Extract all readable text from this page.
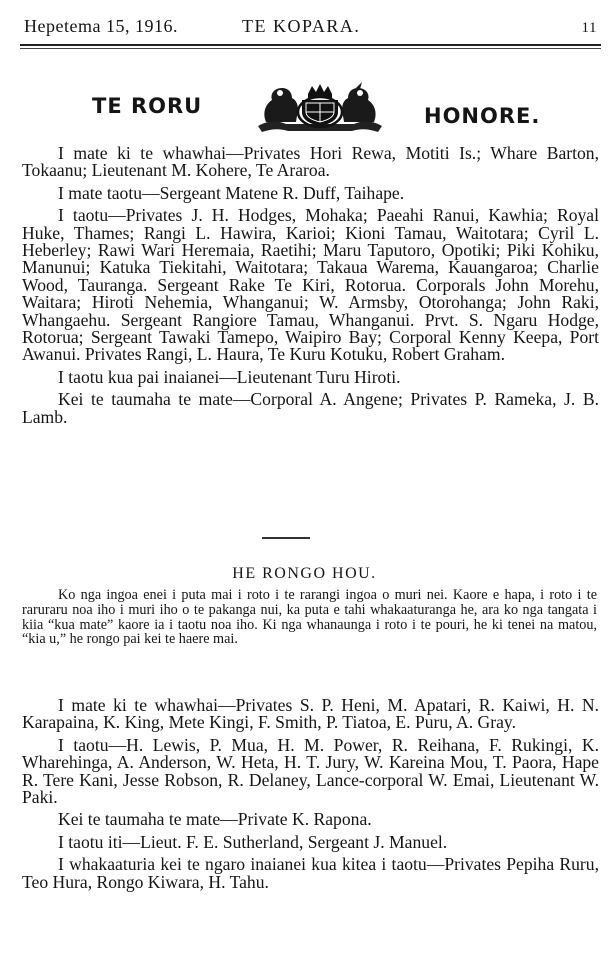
Hepetema 15, 1916.	TE KOPARA.	11
TE RORU	HONORE.

I mate ki te whawhai—Privates Hori Rewa, Motiti Is.; Whare Barton, Tokaanu; Lieutenant M. Kohere, Te Araroa.

I mate taotu—Sergeant Matene R. Duff, Taihape.

I taotu—Privates J. H. Hodges, Mohaka; Paeahi Ranui, Kawhia; Royal Huke, Thames; Rangi L. Hawira, Karioi; Kioni Tamau, Waitotara; Cyril L. Heberley; Rawi Wari Heremaia, Raetihi; Maru Taputoro, Opotiki; Piki Kohiku, Manunui; Katuka Tiekitahi, Waitotara; Takaua Warema, Kauangaroa; Charlie Wood, Tauranga. Sergeant Rake Te Kiri, Rotorua. Corporals John Morehu, Waitara; Hiroti Nehemia, Whanganui; W. Armsby, Otorohanga; John Raki, Whangaehu. Sergeant Rangiore Tamau, Whanganui. Prvt. S. Ngaru Hodge, Rotorua; Sergeant Tawaki Tamepo, Waipiro Bay; Corporal Kenny Keepa, Port Awanui. Privates Rangi, L. Haura, Te Kuru Kotuku, Robert Graham.

I taotu kua pai inaianei—Lieutenant Turu Hiroti.

Kei te taumaha te mate—Corporal A. Angene; Privates P. Rameka, J. B. Lamb.

HE RONGO HOU.

Ko nga ingoa enei i puta mai i roto i te rarangi ingoa o muri nei. Kaore e hapa, i roto i te raruraru noa iho i muri iho o te pakanga nui, ka puta e tahi whakaaturanga he, ara ko nga tangata i kiia “kua mate” kaore ia i taotu noa iho. Ki nga whanaunga i roto i te pouri, he ki tenei na matou, “kia u,” he rongo pai kei te haere mai.

I mate ki te whawhai—Privates S. P. Heni, M. Apatari, R. Kaiwi, H. N. Karapaina, K. King, Mete Kingi, F. Smith, P. Tiatoa, E. Puru, A. Gray.

I taotu—H. Lewis, P. Mua, H. M. Power, R. Reihana, F. Rukingi, K. Wharehinga, A. Anderson, W. Heta, H. T. Jury, W. Kareina Mou, T. Paora, Hape R. Tere Kani, Jesse Robson, R. Delaney, Lance-corporal W. Emai, Lieutenant W. Paki.

Kei te taumaha te mate—Private K. Rapona.

I taotu iti—Lieut. F. E. Sutherland, Sergeant J. Manuel.

I whakaaturia kei te ngaro inaianei kua kitea i taotu—Privates Pepiha Ruru, Teo Hura, Rongo Kiwara, H. Tahu.
